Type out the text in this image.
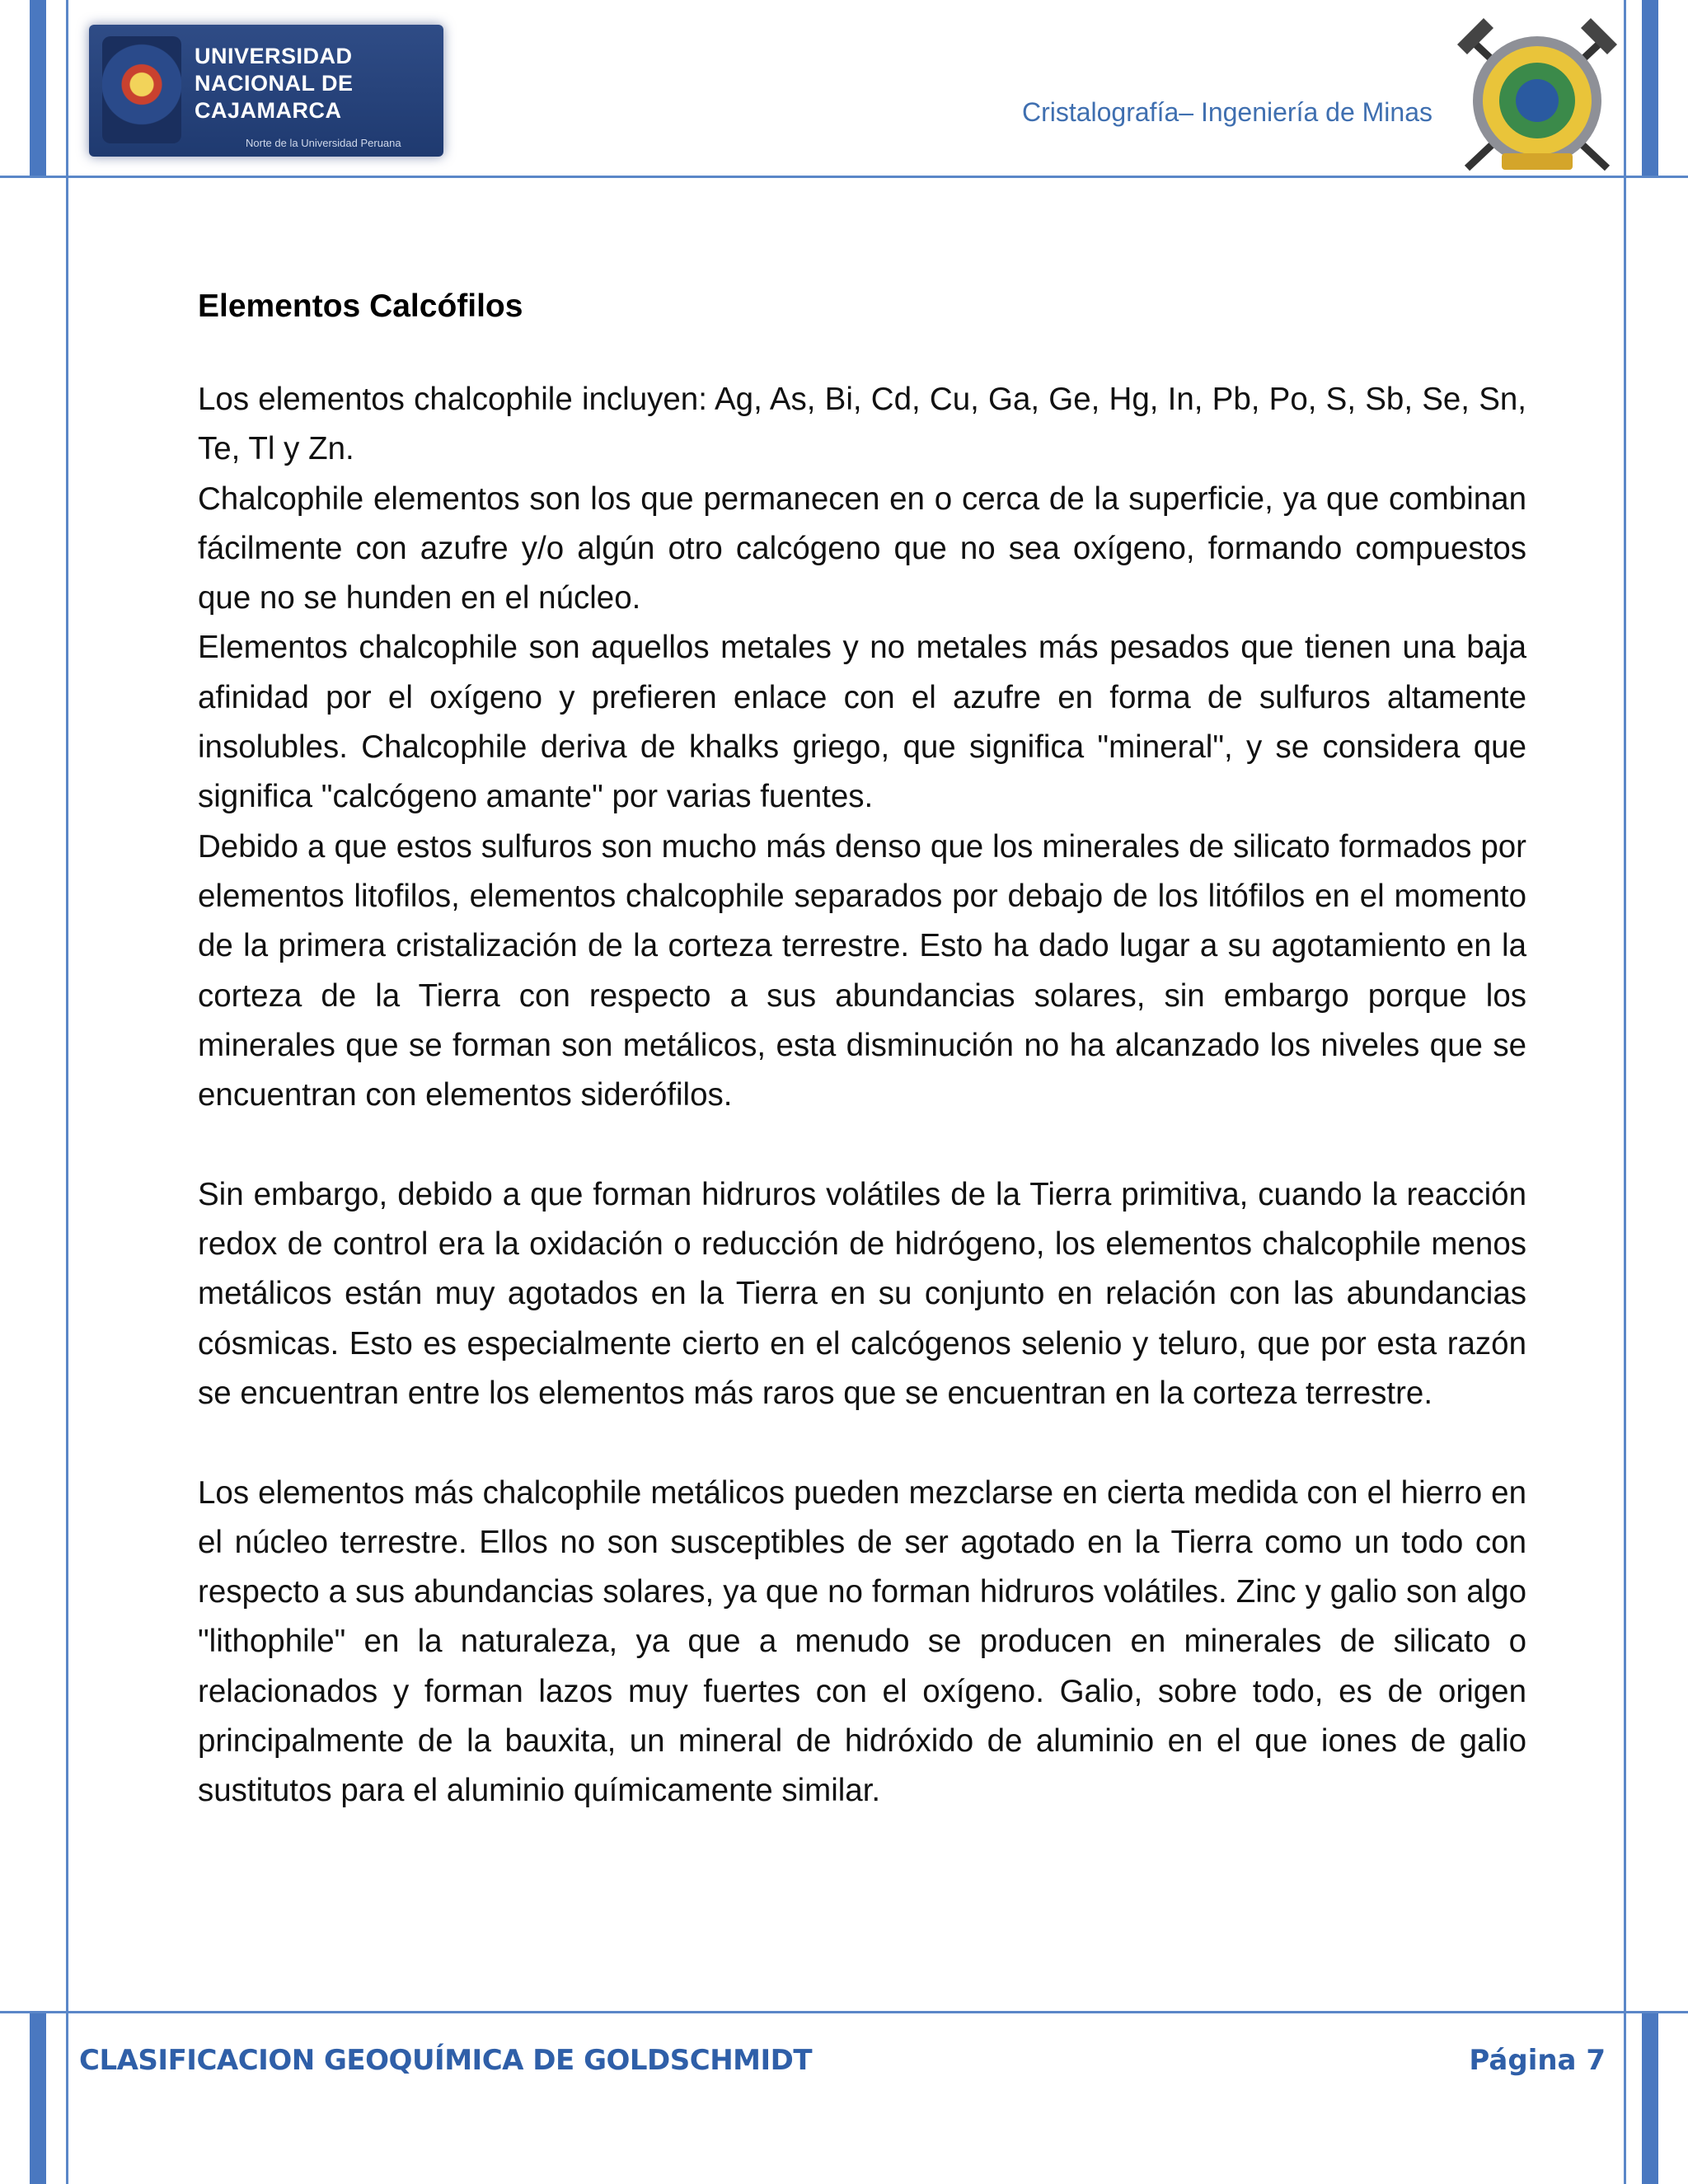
UNIVERSIDAD
NACIONAL DE
CAJAMARCA
Norte de la Universidad Peruana
Cristalografía– Ingeniería de Minas
Elementos Calcófilos

Los elementos chalcophile incluyen: Ag, As, Bi, Cd, Cu, Ga, Ge, Hg, In, Pb, Po, S, Sb, Se, Sn, Te, Tl y Zn.

Chalcophile elementos son los que permanecen en o cerca de la superficie, ya que combinan fácilmente con azufre y/o algún otro calcógeno que no sea oxígeno, formando compuestos que no se hunden en el núcleo.

Elementos chalcophile son aquellos metales y no metales más pesados que tienen una baja afinidad por el oxígeno y prefieren enlace con el azufre en forma de sulfuros altamente insolubles. Chalcophile deriva de khalks griego, que significa "mineral", y se considera que significa "calcógeno amante" por varias fuentes.

Debido a que estos sulfuros son mucho más denso que los minerales de silicato formados por elementos litofilos, elementos chalcophile separados por debajo de los litófilos en el momento de la primera cristalización de la corteza terrestre. Esto ha dado lugar a su agotamiento en la corteza de la Tierra con respecto a sus abundancias solares, sin embargo porque los minerales que se forman son metálicos, esta disminución no ha alcanzado los niveles que se encuentran con elementos siderófilos.

Sin embargo, debido a que forman hidruros volátiles de la Tierra primitiva, cuando la reacción redox de control era la oxidación o reducción de hidrógeno, los elementos chalcophile menos metálicos están muy agotados en la Tierra en su conjunto en relación con las abundancias cósmicas. Esto es especialmente cierto en el calcógenos selenio y teluro, que por esta razón se encuentran entre los elementos más raros que se encuentran en la corteza terrestre.

Los elementos más chalcophile metálicos pueden mezclarse en cierta medida con el hierro en el núcleo terrestre. Ellos no son susceptibles de ser agotado en la Tierra como un todo con respecto a sus abundancias solares, ya que no forman hidruros volátiles. Zinc y galio son algo "lithophile" en la naturaleza, ya que a menudo se producen en minerales de silicato o relacionados y forman lazos muy fuertes con el oxígeno. Galio, sobre todo, es de origen principalmente de la bauxita, un mineral de hidróxido de aluminio en el que iones de galio sustitutos para el aluminio químicamente similar.

CLASIFICACION GEOQUÍMICA DE GOLDSCHMIDT	Página 7
